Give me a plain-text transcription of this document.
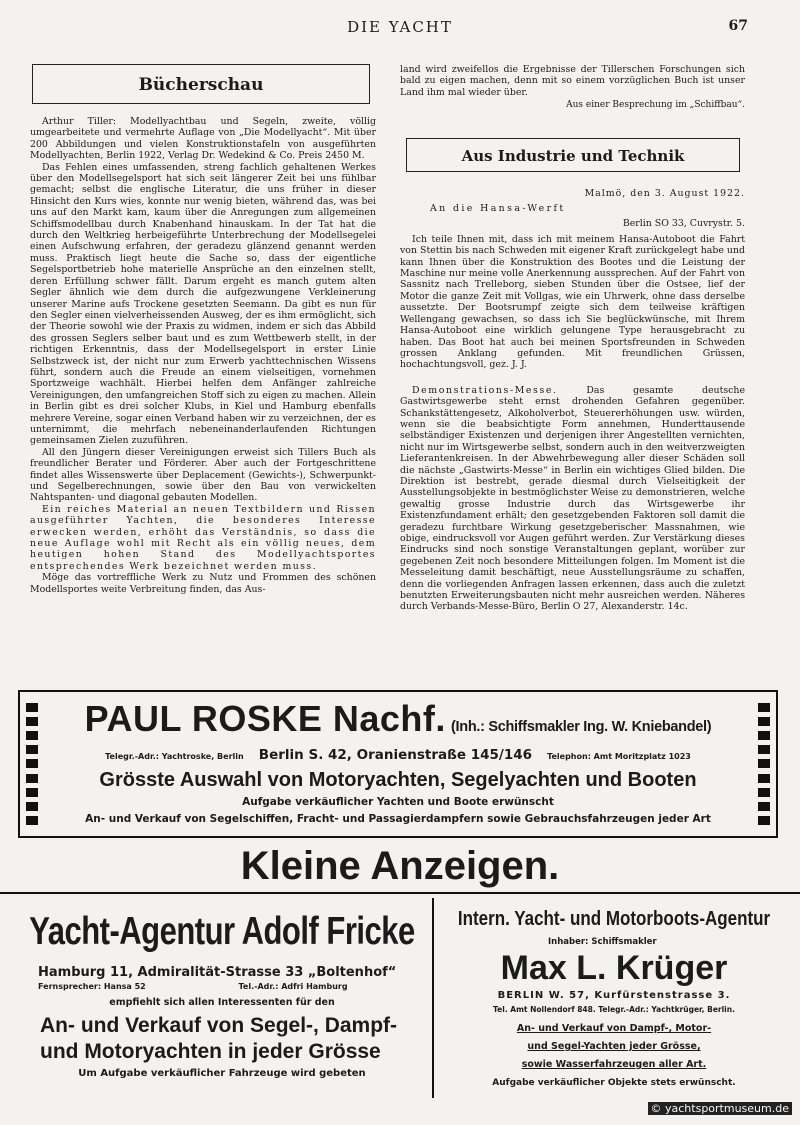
DIE YACHT	67
Bücherschau

Arthur Tiller: Modellyachtbau und Segeln, zweite, völlig umgearbeitete und vermehrte Auflage von „Die Modellyacht“. Mit über 200 Abbildungen und vielen Konstruktionstafeln von ausgeführten Modellyachten, Berlin 1922, Verlag Dr. Wedekind & Co. Preis 2450 M.

Das Fehlen eines umfassenden, streng fachlich gehaltenen Werkes über den Modellsegelsport hat sich seit längerer Zeit bei uns fühlbar gemacht; selbst die englische Literatur, die uns früher in dieser Hinsicht den Kurs wies, konnte nur wenig bieten, während das, was bei uns auf den Markt kam, kaum über die Anregungen zum allgemeinen Schiffsmodellbau durch Knabenhand hinauskam. In der Tat hat die durch den Weltkrieg herbeigeführte Unterbrechung der Modellsegelei einen Aufschwung erfahren, der geradezu glänzend genannt werden muss. Praktisch liegt heute die Sache so, dass der eigentliche Segelsportbetrieb hohe materielle Ansprüche an den einzelnen stellt, deren Erfüllung schwer fällt. Darum ergeht es manch gutem alten Segler ähnlich wie dem durch die aufgezwungene Verkleinerung unserer Marine aufs Trockene gesetzten Seemann. Da gibt es nun für den Segler einen vielverheissenden Ausweg, der es ihm ermöglicht, sich der Theorie sowohl wie der Praxis zu widmen, indem er sich das Abbild des grossen Seglers selber baut und es zum Wettbewerb stellt, in der richtigen Erkenntnis, dass der Modellsegelsport in erster Linie Selbstzweck ist, der nicht nur zum Erwerb yachttechnischen Wissens führt, sondern auch die Freude an einem vielseitigen, vornehmen Sportzweige wachhält. Hierbei helfen dem Anfänger zahlreiche Vereinigungen, den umfangreichen Stoff sich zu eigen zu machen. Allein in Berlin gibt es drei solcher Klubs, in Kiel und Hamburg ebenfalls mehrere Vereine, sogar einen Verband haben wir zu verzeichnen, der es unternimmt, die mehrfach nebeneinanderlaufenden Richtungen gemeinsamen Zielen zuzuführen.

All den Jüngern dieser Vereinigungen erweist sich Tillers Buch als freundlicher Berater und Förderer. Aber auch der Fortgeschrittene findet alles Wissenswerte über Deplacement (Gewichts-), Schwerpunkt- und Segelberechnungen, sowie über den Bau von verwickelten Nahtspanten- und diagonal gebauten Modellen.

Ein reiches Material an neuen Textbildern und Rissen ausgeführter Yachten, die besonderes Interesse erwecken werden, erhöht das Verständnis, so dass die neue Auflage wohl mit Recht als ein völlig neues, dem heutigen hohen Stand des Modellyachtsportes entsprechendes Werk bezeichnet werden muss.

Möge das vortreffliche Werk zu Nutz und Frommen des schönen Modellsportes weite Verbreitung finden, das Aus-

land wird zweifellos die Ergebnisse der Tillerschen Forschungen sich bald zu eigen machen, denn mit so einem vorzüglichen Buch ist unser Land ihm mal wieder über.

Aus einer Besprechung im „Schiffbau“.
Aus Industrie und Technik
Malmö, den 3. August 1922.
An die Hansa-Werft
Berlin SO 33, Cuvrystr. 5.

Ich teile Ihnen mit, dass ich mit meinem Hansa-Autoboot die Fahrt von Stettin bis nach Schweden mit eigener Kraft zurückgelegt habe und kann Ihnen über die Konstruktion des Bootes und die Leistung der Maschine nur meine volle Anerkennung aussprechen. Auf der Fahrt von Sassnitz nach Trelleborg, sieben Stunden über die Ostsee, lief der Motor die ganze Zeit mit Vollgas, wie ein Uhrwerk, ohne dass derselbe aussetzte. Der Bootsrumpf zeigte sich dem teilweise kräftigen Wellengang gewachsen, so dass ich Sie beglückwünsche, mit Ihrem Hansa-Autoboot eine wirklich gelungene Type herausgebracht zu haben. Das Boot hat auch bei meinen Sportsfreunden in Schweden grossen Anklang gefunden. Mit freundlichen Grüssen, hochachtungsvoll, gez. J. J.

Demonstrations-Messe.	Das gesamte deutsche Gastwirtsgewerbe steht ernst drohenden Gefahren gegenüber. Schankstättengesetz, Alkoholverbot, Steuererhöhungen usw. würden, wenn sie die beabsichtigte Form annehmen, Hunderttausende selbständiger Existenzen und derjenigen ihrer Angestellten vernichten, nicht nur im Wirtsgewerbe selbst, sondern auch in den weitverzweigten Lieferantenkreisen. In der Abwehrbewegung aller dieser Schäden soll die nächste „Gastwirts-Messe“ in Berlin ein wichtiges Glied bilden. Die Direktion ist bestrebt, gerade diesmal durch Vielseitigkeit der Ausstellungsobjekte in bestmöglichster Weise zu demonstrieren, welche gewaltig grosse Industrie durch das Wirtsgewerbe ihr Existenzfundament erhält; den gesetzgebenden Faktoren soll damit die geradezu furchtbare Wirkung gesetzgeberischer Massnahmen, wie obige, eindrucksvoll vor Augen geführt werden. Zur Verstärkung dieses Eindrucks sind noch sonstige Veranstaltungen geplant, worüber zur gegebenen Zeit noch besondere Mitteilungen folgen. Im Moment ist die Messeleitung damit beschäftigt, neue Ausstellungsräume zu schaffen, denn die vorliegenden Anfragen lassen erkennen, dass auch die zuletzt benutzten Erweiterungsbauten nicht mehr ausreichen werden. Näheres durch Verbands-Messe-Büro, Berlin O 27, Alexanderstr. 14c.

PAUL ROSKE Nachf. (Inh.: Schiffsmakler Ing. W. Kniebandel)
Telegr.-Adr.: Yachtroske, Berlin Berlin S. 42, Oranienstraße 145/146 Telephon: Amt Moritzplatz 1023
Grösste Auswahl von Motoryachten, Segelyachten und Booten
Aufgabe verkäuflicher Yachten und Boote erwünscht
An- und Verkauf von Segelschiffen, Fracht- und Passagierdampfern sowie Gebrauchsfahrzeugen jeder Art
Kleine Anzeigen.
Yacht-Agentur Adolf Fricke
Hamburg 11, Admiralität-Strasse 33 „Boltenhof“
Fernsprecher: Hansa 52	Tel.-Adr.: Adfri Hamburg
empfiehlt sich allen Interessenten für den
An- und Verkauf von Segel-, Dampf-
und Motoryachten in jeder Grösse
Um Aufgabe verkäuflicher Fahrzeuge wird gebeten
Intern. Yacht- und Motorboots-Agentur
Inhaber: Schiffsmakler
Max L. Krüger
BERLIN W. 57, Kurfürstenstrasse 3.
Tel. Amt Nollendorf 848. Telegr.-Adr.: Yachtkrüger, Berlin.
An- und Verkauf von Dampf-, Motor-
und Segel-Yachten jeder Grösse,
sowie Wasserfahrzeugen aller Art.
Aufgabe verkäuflicher Objekte stets erwünscht.
© yachtsportmuseum.de
